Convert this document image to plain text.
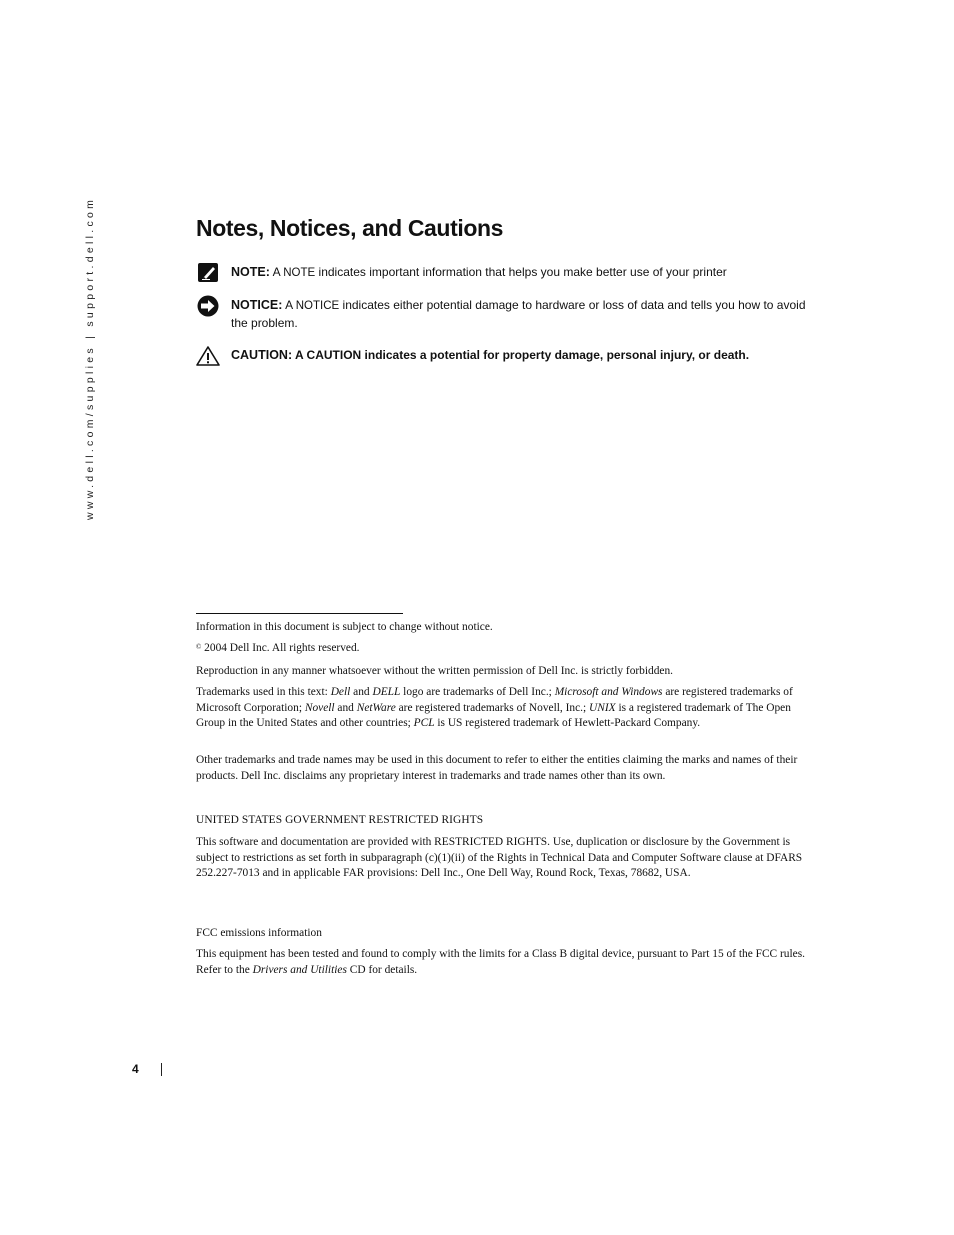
www.dell.com/supplies | support.dell.com	Notes, Notices, and Cautions
NOTE: A NOTE indicates important information that helps you make better use of your printer
NOTICE: A NOTICE indicates either potential damage to hardware or loss of data and tells you how to avoid the problem.
CAUTION: A CAUTION indicates a potential for property damage, personal injury, or death.

Information in this document is subject to change without notice.

© 2004 Dell Inc. All rights reserved.

Reproduction in any manner whatsoever without the written permission of Dell Inc. is strictly forbidden.

Trademarks used in this text: Dell and DELL logo are trademarks of Dell Inc.; Microsoft and Windows are registered trademarks of Microsoft Corporation; Novell and NetWare are registered trademarks of Novell, Inc.; UNIX is a registered trademark of The Open Group in the United States and other countries; PCL is US registered trademark of Hewlett-Packard Company.

Other trademarks and trade names may be used in this document to refer to either the entities claiming the marks and names of their products. Dell Inc. disclaims any proprietary interest in trademarks and trade names other than its own.

UNITED STATES GOVERNMENT RESTRICTED RIGHTS

This software and documentation are provided with RESTRICTED RIGHTS. Use, duplication or disclosure by the Government is subject to restrictions as set forth in subparagraph (c)(1)(ii) of the Rights in Technical Data and Computer Software clause at DFARS 252.227-7013 and in applicable FAR provisions: Dell Inc., One Dell Way, Round Rock, Texas, 78682, USA.

FCC emissions information

This equipment has been tested and found to comply with the limits for a Class B digital device, pursuant to Part 15 of the FCC rules. Refer to the Drivers and Utilities CD for details.

4
